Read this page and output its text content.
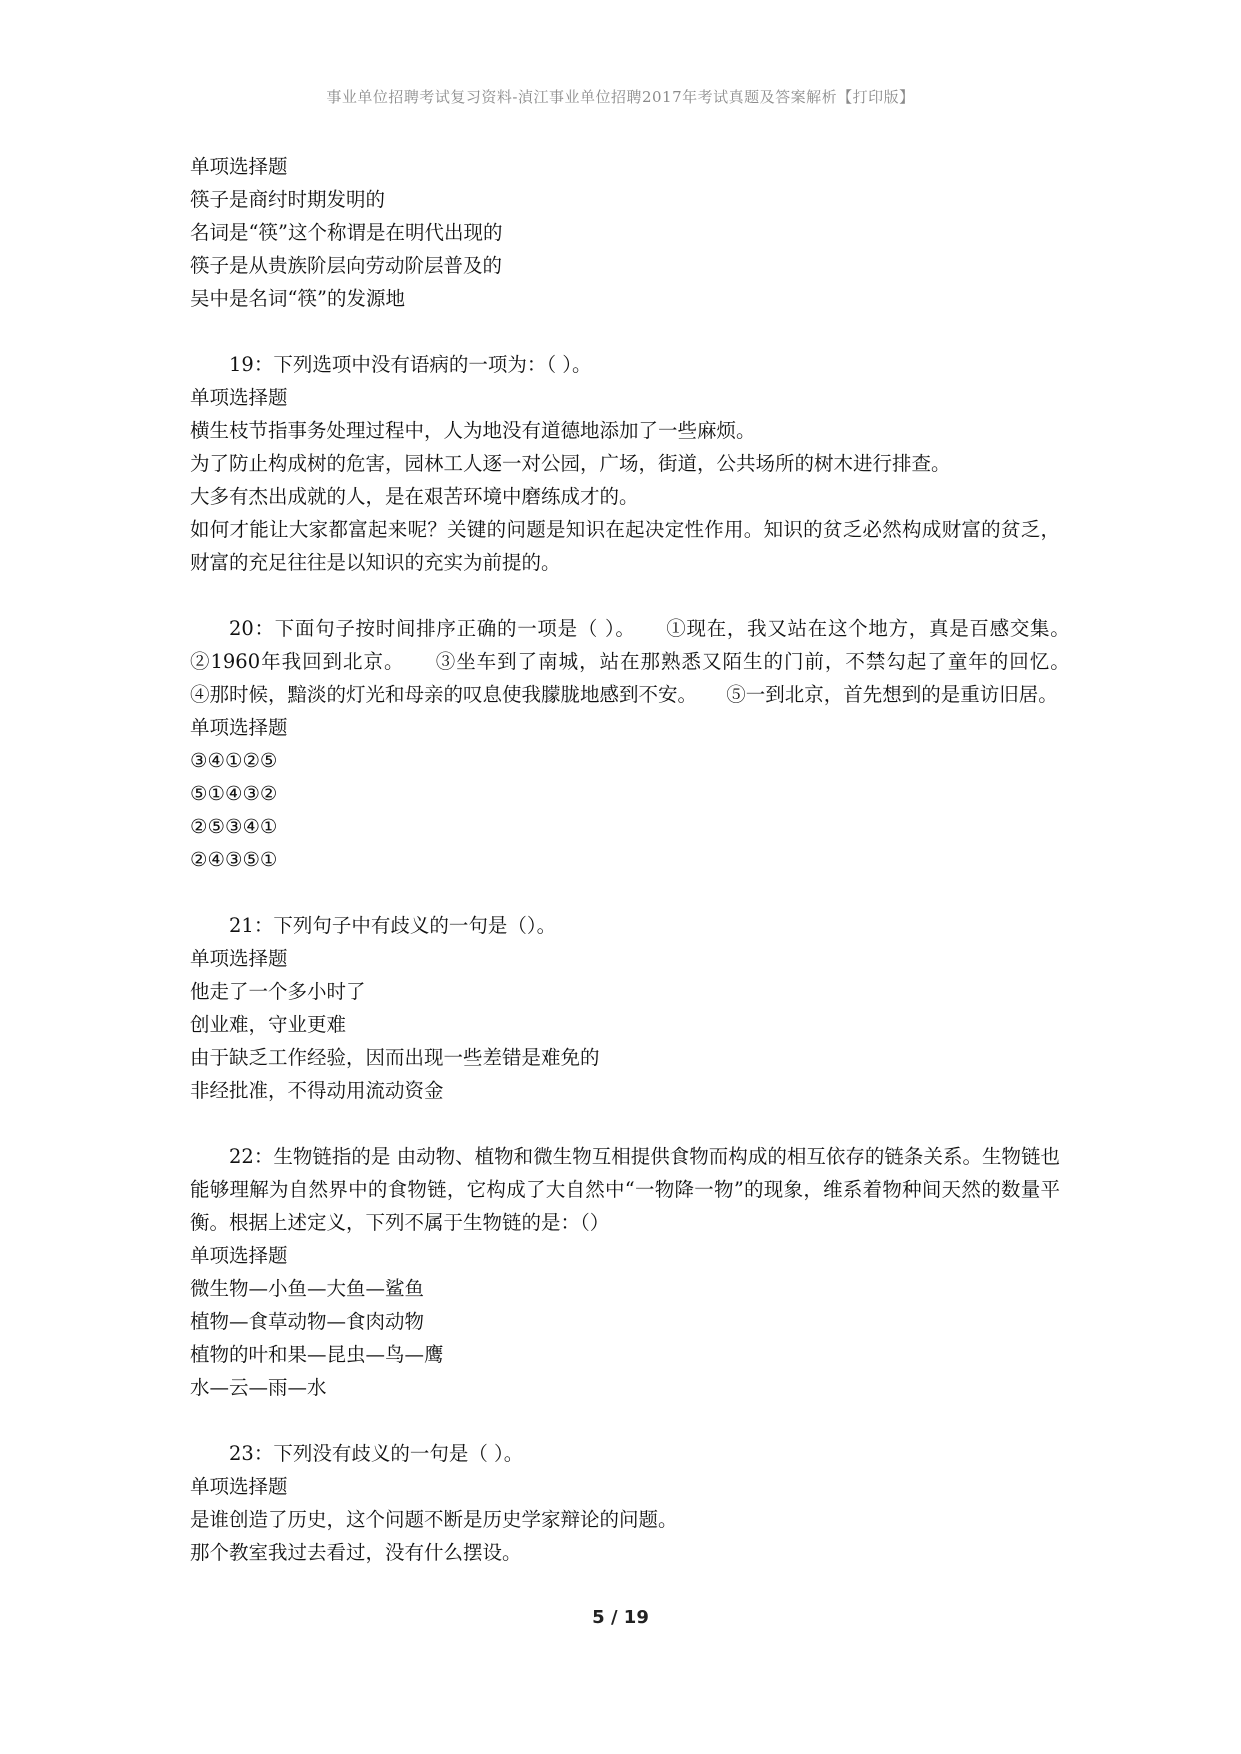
事业单位招聘考试复习资料-湞江事业单位招聘2017年考试真题及答案解析【打印版】
单项选择题
筷子是商纣时期发明的
名词是“筷”这个称谓是在明代出现的
筷子是从贵族阶层向劳动阶层普及的
吴中是名词“筷”的发源地
19：下列选项中没有语病的一项为：（ ）。
单项选择题
横生枝节指事务处理过程中，人为地没有道德地添加了一些麻烦。
为了防止构成树的危害，园林工人逐一对公园，广场，街道，公共场所的树木进行排查。
大多有杰出成就的人，是在艰苦环境中磨练成才的。
如何才能让大家都富起来呢？关键的问题是知识在起决定性作用。知识的贫乏必然构成财富的贫乏，财富的充足往往是以知识的充实为前提的。
20：下面句子按时间排序正确的一项是（ ）。　　①现在，我又站在这个地方，真是百感交集。　　②1960年我回到北京。　　③坐车到了南城，站在那熟悉又陌生的门前，不禁勾起了童年的回忆。　　④那时候，黯淡的灯光和母亲的叹息使我朦胧地感到不安。　　⑤一到北京，首先想到的是重访旧居。
单项选择题
③④①②⑤
⑤①④③②
②⑤③④①
②④③⑤①
21：下列句子中有歧义的一句是（）。
单项选择题
他走了一个多小时了
创业难，守业更难
由于缺乏工作经验，因而出现一些差错是难免的
非经批准，不得动用流动资金
22：生物链指的是 由动物、植物和微生物互相提供食物而构成的相互依存的链条关系。生物链也能够理解为自然界中的食物链，它构成了大自然中“一物降一物”的现象，维系着物种间天然的数量平衡。根据上述定义，下列不属于生物链的是：（）
单项选择题
微生物—小鱼—大鱼—鲨鱼
植物—食草动物—食肉动物
植物的叶和果—昆虫—鸟—鹰
水—云—雨—水
23：下列没有歧义的一句是（ ）。
单项选择题
是谁创造了历史，这个问题不断是历史学家辩论的问题。
那个教室我过去看过，没有什么摆设。
5 / 19
